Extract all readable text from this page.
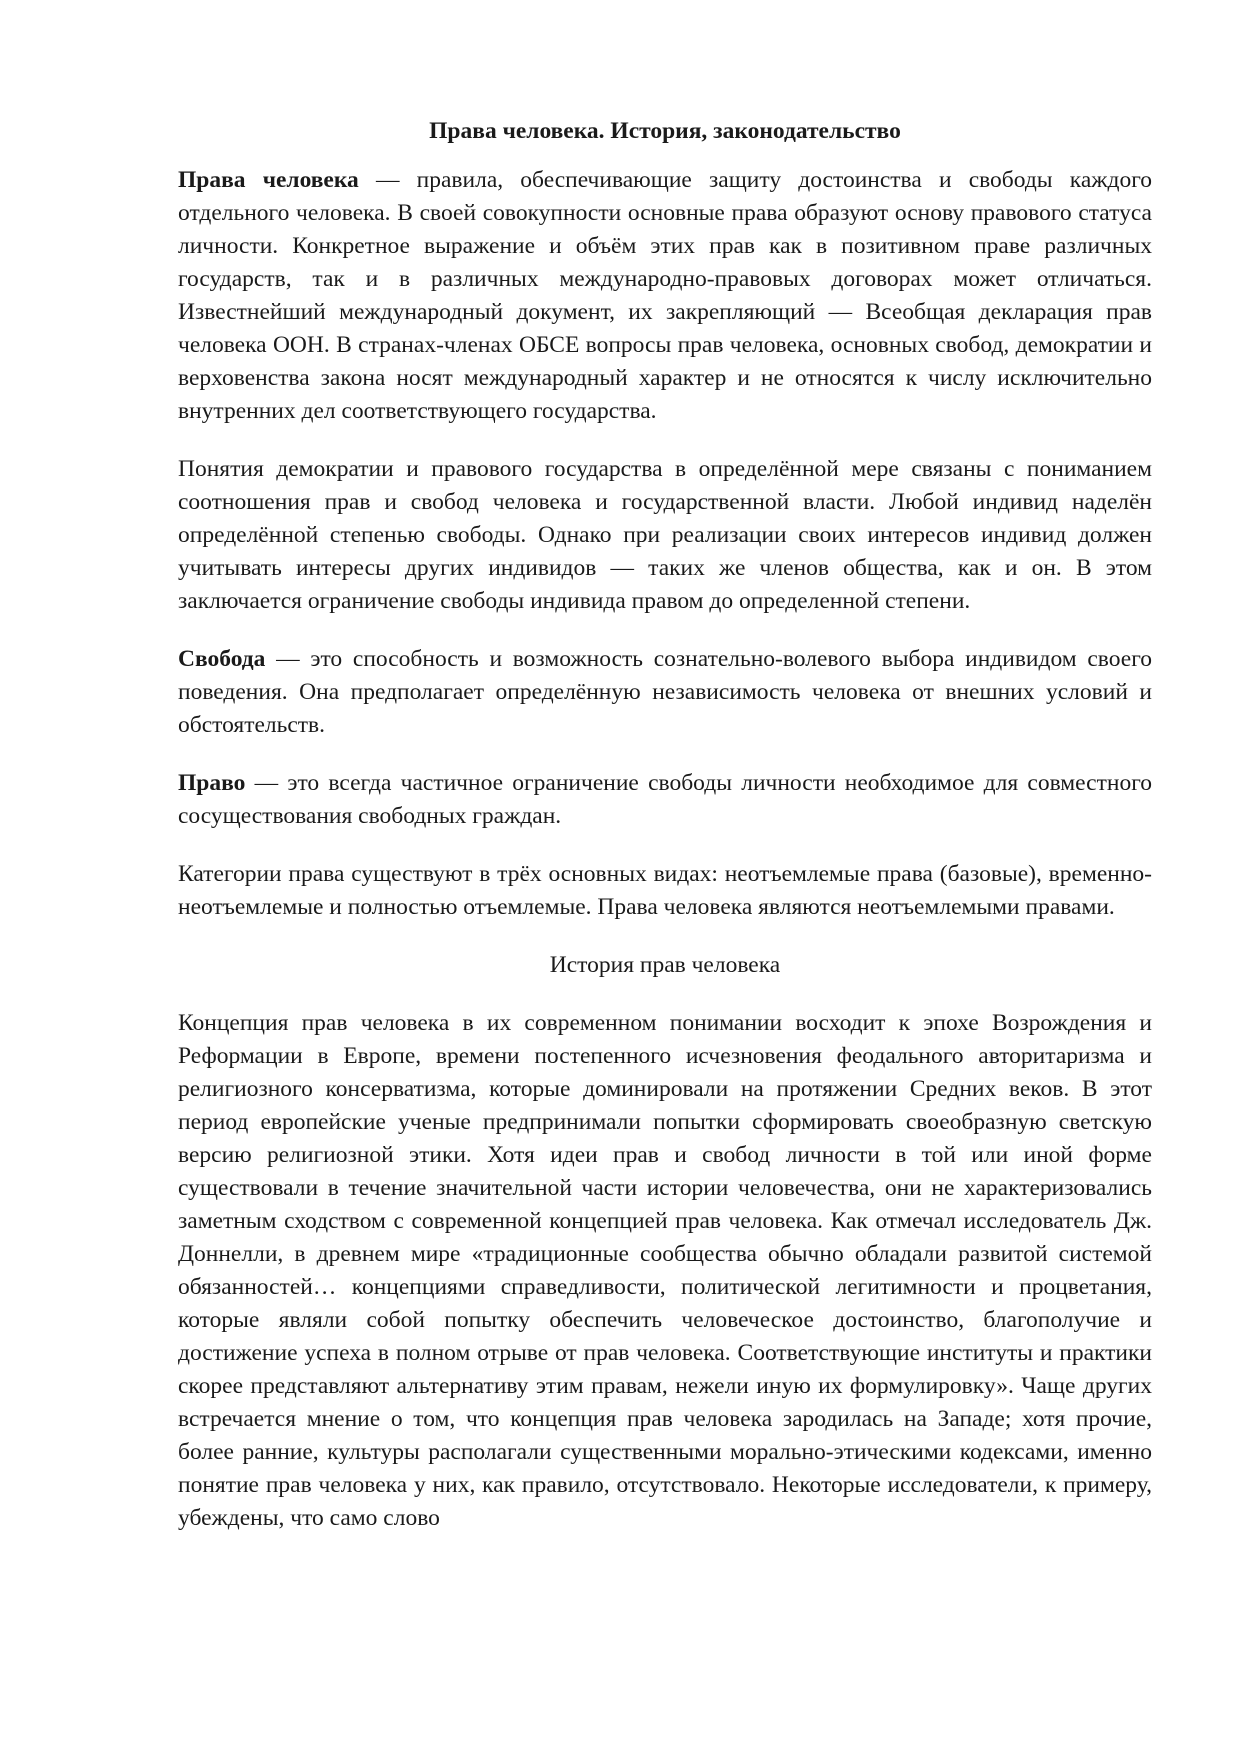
Права человека. История, законодательство

Права человека — правила, обеспечивающие защиту достоинства и свободы каждого отдельного человека. В своей совокупности основные права образуют основу правового статуса личности. Конкретное выражение и объём этих прав как в позитивном праве различных государств, так и в различных международно-правовых договорах может отличаться. Известнейший международный документ, их закрепляющий — Всеобщая декларация прав человека ООН. В странах-членах ОБСЕ вопросы прав человека, основных свобод, демократии и верховенства закона носят международный характер и не относятся к числу исключительно внутренних дел соответствующего государства.

Понятия демократии и правового государства в определённой мере связаны с пониманием соотношения прав и свобод человека и государственной власти. Любой индивид наделён определённой степенью свободы. Однако при реализации своих интересов индивид должен учитывать интересы других индивидов — таких же членов общества, как и он. В этом заключается ограничение свободы индивида правом до определенной степени.

Свобода — это способность и возможность сознательно-волевого выбора индивидом своего поведения. Она предполагает определённую независимость человека от внешних условий и обстоятельств.

Право — это всегда частичное ограничение свободы личности необходимое для совместного сосуществования свободных граждан.

Категории права существуют в трёх основных видах: неотъемлемые права (базовые), временно-неотъемлемые и полностью отъемлемые. Права человека являются неотъемлемыми правами.

История прав человека

Концепция прав человека в их современном понимании восходит к эпохе Возрождения и Реформации в Европе, времени постепенного исчезновения феодального авторитаризма и религиозного консерватизма, которые доминировали на протяжении Средних веков. В этот период европейские ученые предпринимали попытки сформировать своеобразную светскую версию религиозной этики. Хотя идеи прав и свобод личности в той или иной форме существовали в течение значительной части истории человечества, они не характеризовались заметным сходством с современной концепцией прав человека. Как отмечал исследователь Дж. Доннелли, в древнем мире «традиционные сообщества обычно обладали развитой системой обязанностей… концепциями справедливости, политической легитимности и процветания, которые являли собой попытку обеспечить человеческое достоинство, благополучие и достижение успеха в полном отрыве от прав человека. Соответствующие институты и практики скорее представляют альтернативу этим правам, нежели иную их формулировку». Чаще других встречается мнение о том, что концепция прав человека зародилась на Западе; хотя прочие, более ранние, культуры располагали существенными морально-этическими кодексами, именно понятие прав человека у них, как правило, отсутствовало. Некоторые исследователи, к примеру, убеждены, что само слово
